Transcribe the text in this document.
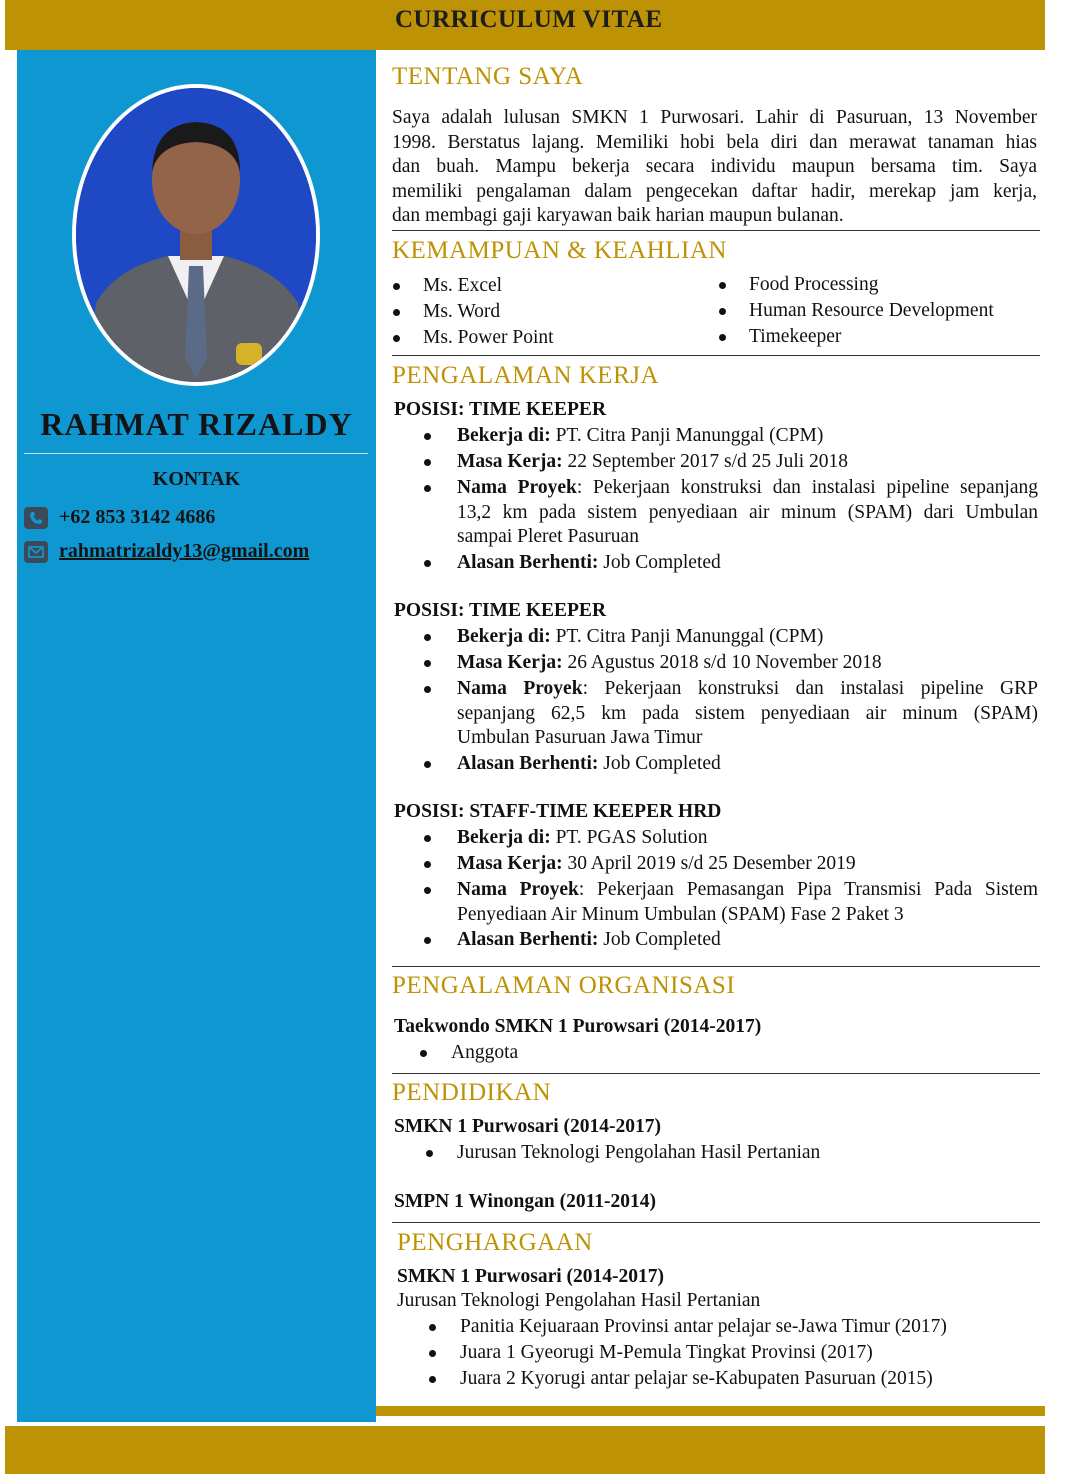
CURRICULUM VITAE
RAHMAT RIZALDY
KONTAK
+62 853 3142 4686
rahmatrizaldy13@gmail.com
TENTANG SAYA
Saya adalah lulusan SMKN 1 Purwosari. Lahir di Pasuruan, 13 November
1998. Berstatus lajang. Memiliki hobi bela diri dan merawat tanaman hias
dan buah. Mampu bekerja secara individu maupun bersama tim. Saya
memiliki pengalaman dalam pengecekan daftar hadir, merekap jam kerja,
dan membagi gaji karyawan baik harian maupun bulanan.
KEMAMPUAN & KEAHLIAN
Ms. Excel
Ms. Word
Ms. Power Point
Food Processing
Human Resource Development
Timekeeper
PENGALAMAN KERJA
POSISI: TIME KEEPER
Bekerja di: PT. Citra Panji Manunggal (CPM)
Masa Kerja: 22 September 2017 s/d 25 Juli 2018
Nama Proyek: Pekerjaan konstruksi dan instalasi pipeline sepanjang
13,2 km pada sistem penyediaan air minum (SPAM) dari Umbulan
sampai Pleret Pasuruan
Alasan Berhenti: Job Completed
POSISI: TIME KEEPER
Bekerja di: PT. Citra Panji Manunggal (CPM)
Masa Kerja: 26 Agustus 2018 s/d 10 November 2018
Nama Proyek: Pekerjaan konstruksi dan instalasi pipeline GRP
sepanjang 62,5 km pada sistem penyediaan air minum (SPAM)
Umbulan Pasuruan Jawa Timur
Alasan Berhenti: Job Completed
POSISI: STAFF-TIME KEEPER HRD
Bekerja di: PT. PGAS Solution
Masa Kerja: 30 April 2019 s/d 25 Desember 2019
Nama Proyek: Pekerjaan Pemasangan Pipa Transmisi Pada Sistem
Penyediaan Air Minum Umbulan (SPAM) Fase 2 Paket 3
Alasan Berhenti: Job Completed
PENGALAMAN ORGANISASI
Taekwondo SMKN 1 Purowsari (2014-2017)
Anggota
PENDIDIKAN
SMKN 1 Purwosari (2014-2017)
Jurusan Teknologi Pengolahan Hasil Pertanian
SMPN 1 Winongan (2011-2014)
PENGHARGAAN
SMKN 1 Purwosari (2014-2017)
Jurusan Teknologi Pengolahan Hasil Pertanian
Panitia Kejuaraan Provinsi antar pelajar se-Jawa Timur (2017)
Juara 1 Gyeorugi M-Pemula Tingkat Provinsi (2017)
Juara 2 Kyorugi antar pelajar se-Kabupaten Pasuruan (2015)
